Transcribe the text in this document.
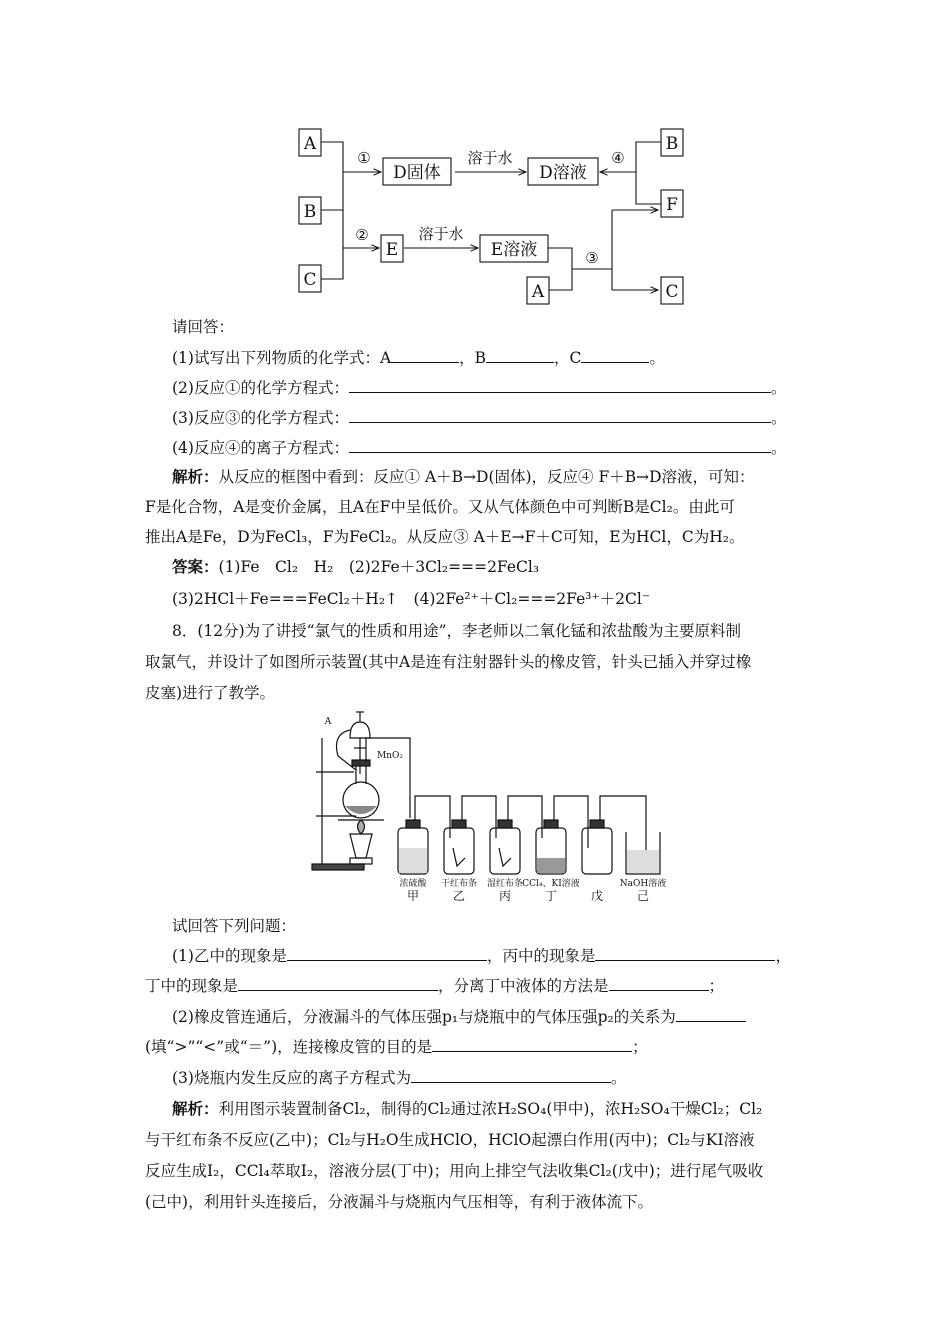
A
B
C
D固体	D溶液
B
F
E	E溶液
A	C
①
②
③
④
溶于水
溶于水
请回答：
(1)试写出下列物质的化学式：A	，B	，C	。
(2)反应①的化学方程式：	。
(3)反应③的化学方程式：	。
(4)反应④的离子方程式：	。
解析：从反应的框图中看到：反应① A＋B→D(固体)，反应④ F＋B→D溶液，可知：
F是化合物，A是变价金属，且A在F中呈低价。又从气体颜色中可判断B是Cl₂。由此可
推出A是Fe，D为FeCl₃，F为FeCl₂。从反应③ A＋E→F＋C可知，E为HCl，C为H₂。
答案：(1)Fe　Cl₂　H₂　(2)2Fe＋3Cl₂===2FeCl₃
(3)2HCl＋Fe===FeCl₂＋H₂↑　(4)2Fe²⁺＋Cl₂===2Fe³⁺＋2Cl⁻
8．(12分)为了讲授“氯气的性质和用途”，李老师以二氧化锰和浓盐酸为主要原料制
取氯气，并设计了如图所示装置(其中A是连有注射器针头的橡皮管，针头已插入并穿过橡
皮塞)进行了教学。
A
MnO₂
浓硫酸
甲
干红布条
乙
湿红布条
丙
CCl₄、KI溶液
丁	戊
NaOH溶液
己
试回答下列问题：
(1)乙中的现象是	，丙中的现象是	，
丁中的现象是	，分离丁中液体的方法是	；
(2)橡皮管连通后，分液漏斗的气体压强p₁与烧瓶中的气体压强p₂的关系为
(填“>”“<”或“＝”)，连接橡皮管的目的是	；
(3)烧瓶内发生反应的离子方程式为	。
解析：利用图示装置制备Cl₂，制得的Cl₂通过浓H₂SO₄(甲中)，浓H₂SO₄干燥Cl₂；Cl₂
与干红布条不反应(乙中)；Cl₂与H₂O生成HClO，HClO起漂白作用(丙中)；Cl₂与KI溶液
反应生成I₂，CCl₄萃取I₂，溶液分层(丁中)；用向上排空气法收集Cl₂(戊中)；进行尾气吸收
(己中)，利用针头连接后，分液漏斗与烧瓶内气压相等，有利于液体流下。
